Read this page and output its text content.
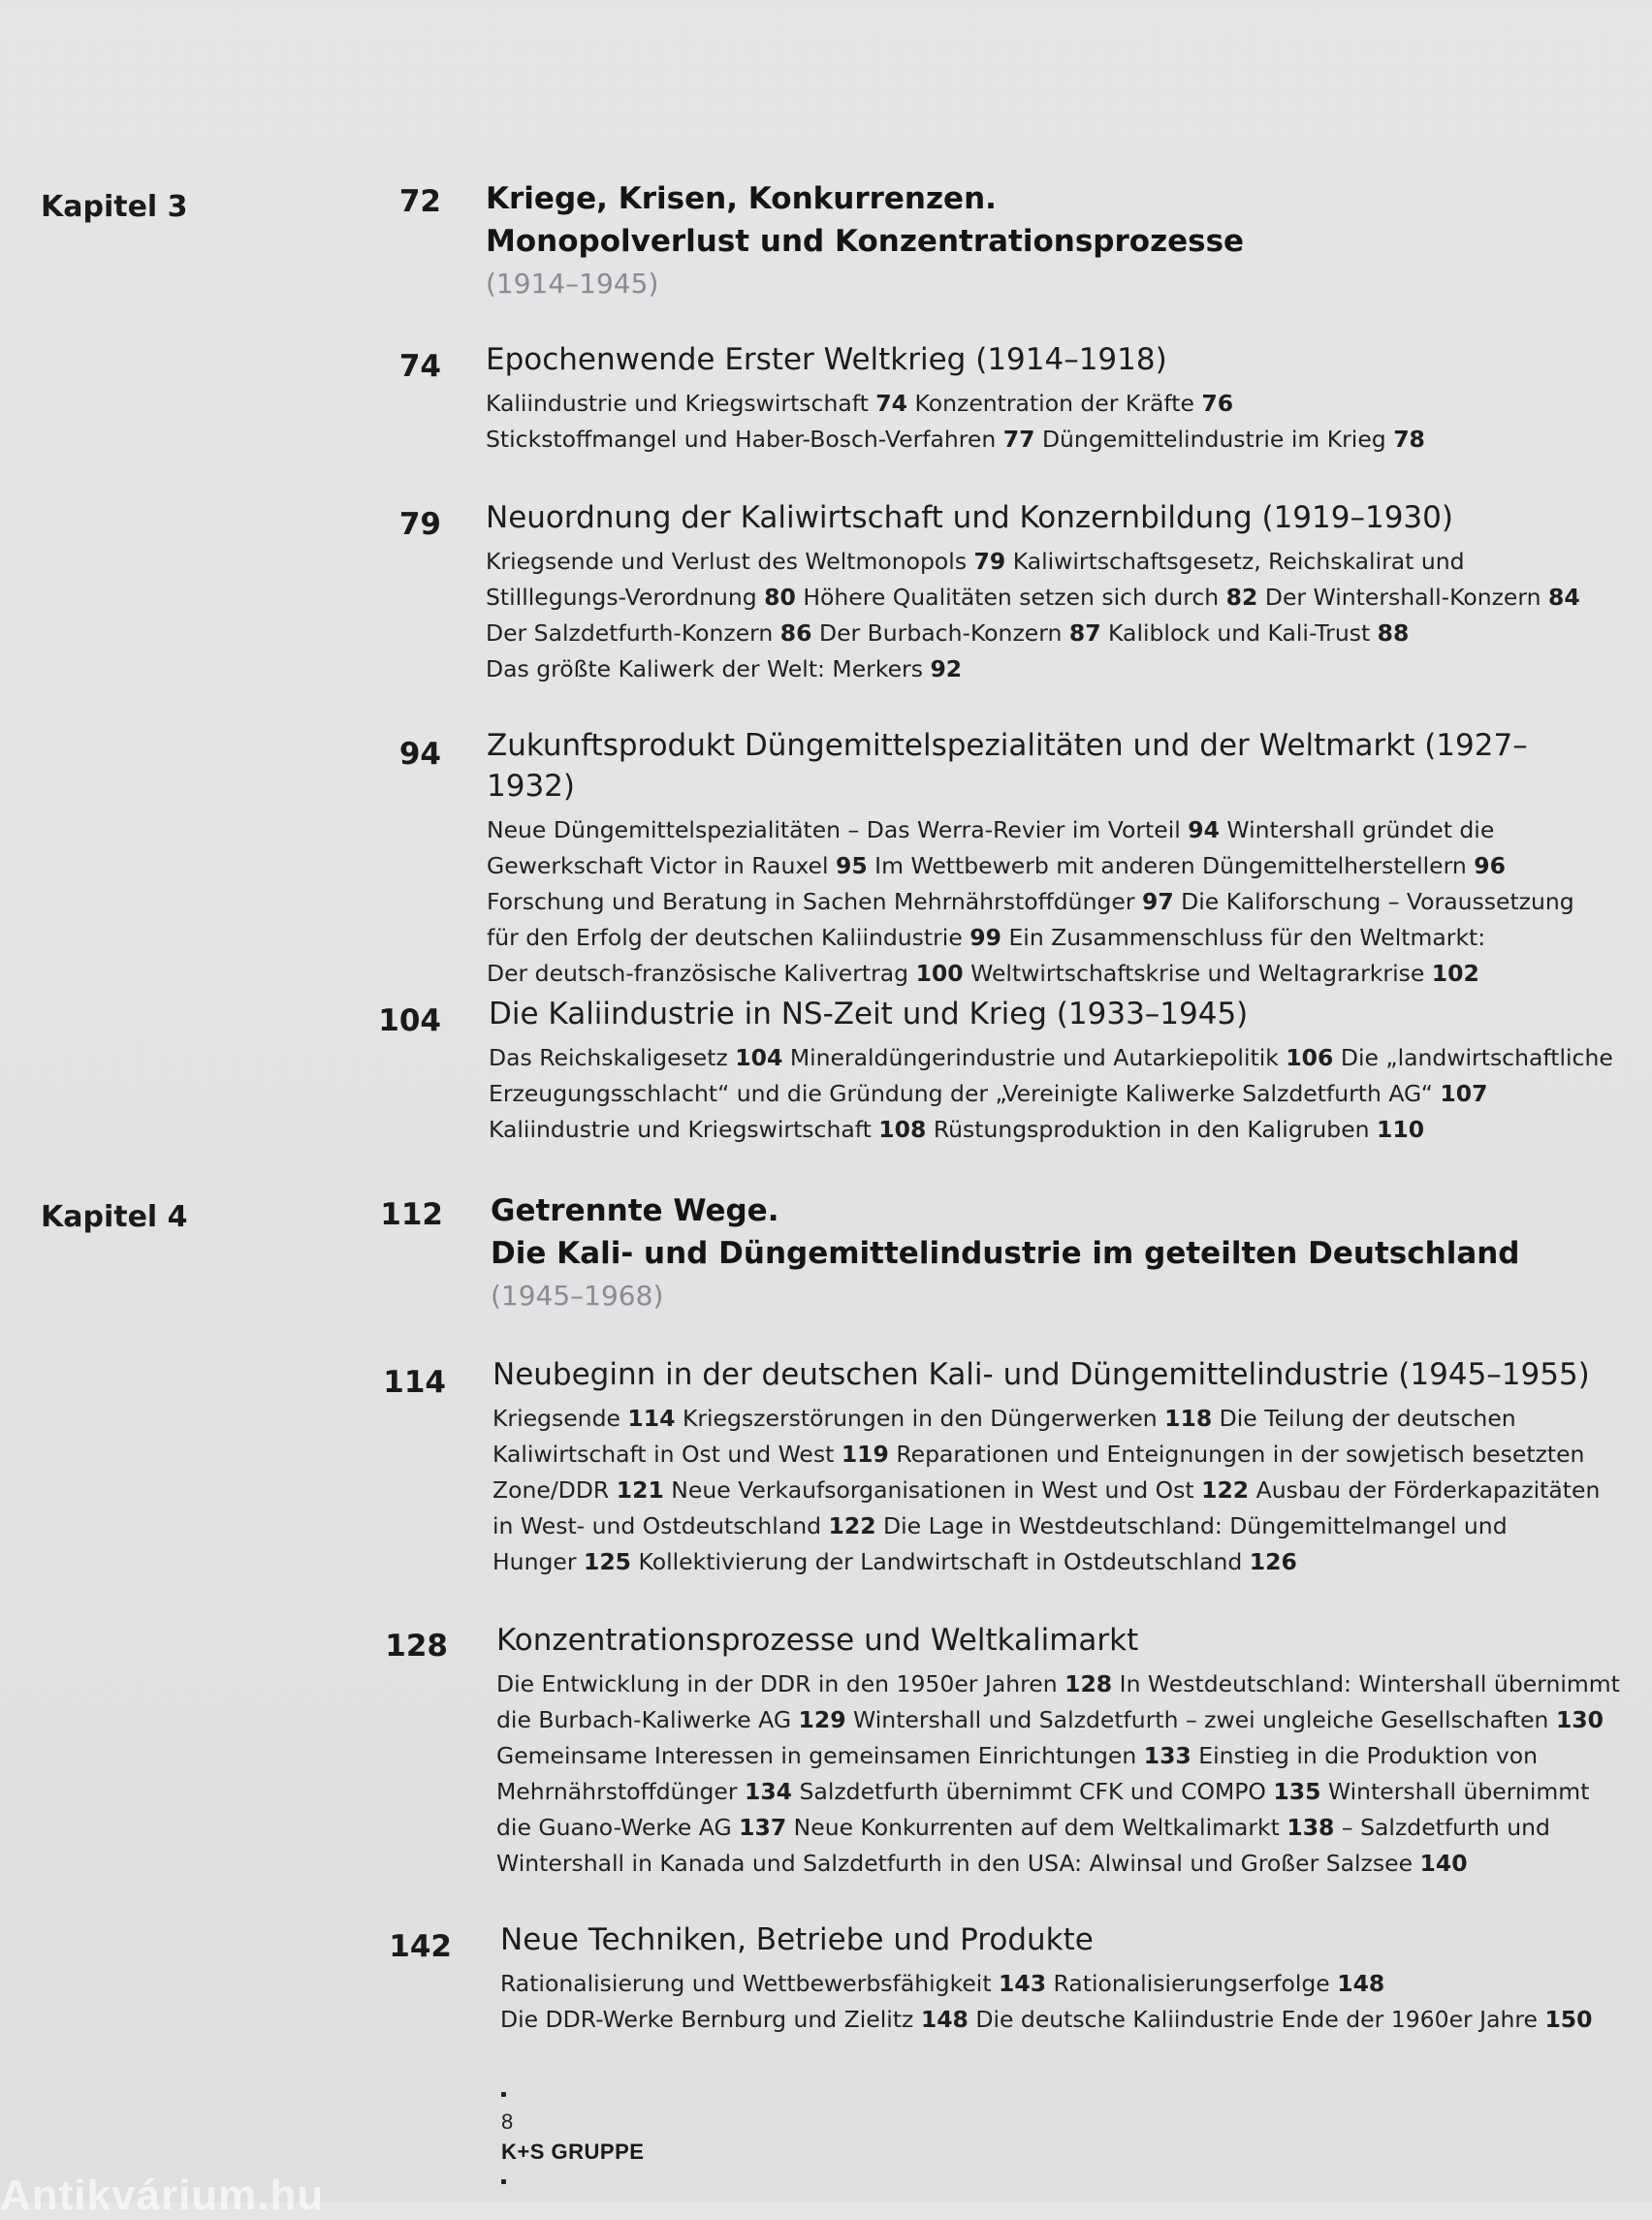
Kapitel 3
Kapitel 4
72 Kriege, Krisen, Konkurrenzen.
Monopolverlust und Konzentrationsprozesse
(1914–1945)
74 Epochenwende Erster Weltkrieg (1914–1918)
Kaliindustrie und Kriegswirtschaft 74 Konzentration der Kräfte 76
Stickstoffmangel und Haber-Bosch-Verfahren 77 Düngemittelindustrie im Krieg 78
79 Neuordnung der Kaliwirtschaft und Konzernbildung (1919–1930)
Kriegsende und Verlust des Weltmonopols 79 Kaliwirtschaftsgesetz, Reichskalirat und
Stilllegungs-Verordnung 80 Höhere Qualitäten setzen sich durch 82 Der Wintershall-Konzern 84
Der Salzdetfurth-Konzern 86 Der Burbach-Konzern 87 Kaliblock und Kali-Trust 88
Das größte Kaliwerk der Welt: Merkers 92
94 Zukunftsprodukt Düngemittelspezialitäten und der Weltmarkt (1927–1932)
Neue Düngemittelspezialitäten – Das Werra-Revier im Vorteil 94 Wintershall gründet die
Gewerkschaft Victor in Rauxel 95 Im Wettbewerb mit anderen Düngemittelherstellern 96
Forschung und Beratung in Sachen Mehrnährstoffdünger 97 Die Kaliforschung – Voraussetzung
für den Erfolg der deutschen Kaliindustrie 99 Ein Zusammenschluss für den Weltmarkt:
Der deutsch-französische Kalivertrag 100 Weltwirtschaftskrise und Weltagrarkrise 102
104 Die Kaliindustrie in NS-Zeit und Krieg (1933–1945)
Das Reichskaligesetz 104 Mineraldüngerindustrie und Autarkiepolitik 106 Die „landwirtschaftliche
Erzeugungsschlacht“ und die Gründung der „Vereinigte Kaliwerke Salzdetfurth AG“ 107
Kaliindustrie und Kriegswirtschaft 108 Rüstungsproduktion in den Kaligruben 110
112 Getrennte Wege.
Die Kali- und Düngemittelindustrie im geteilten Deutschland
(1945–1968)
114 Neubeginn in der deutschen Kali- und Düngemittelindustrie (1945–1955)
Kriegsende 114 Kriegszerstörungen in den Düngerwerken 118 Die Teilung der deutschen
Kaliwirtschaft in Ost und West 119 Reparationen und Enteignungen in der sowjetisch besetzten
Zone/DDR 121 Neue Verkaufsorganisationen in West und Ost 122 Ausbau der Förderkapazitäten
in West- und Ostdeutschland 122 Die Lage in Westdeutschland: Düngemittelmangel und
Hunger 125 Kollektivierung der Landwirtschaft in Ostdeutschland 126
128 Konzentrationsprozesse und Weltkalimarkt
Die Entwicklung in der DDR in den 1950er Jahren 128 In Westdeutschland: Wintershall übernimmt
die Burbach-Kaliwerke AG 129 Wintershall und Salzdetfurth – zwei ungleiche Gesellschaften 130
Gemeinsame Interessen in gemeinsamen Einrichtungen 133 Einstieg in die Produktion von
Mehrnährstoffdünger 134 Salzdetfurth übernimmt CFK und COMPO 135 Wintershall übernimmt
die Guano-Werke AG 137 Neue Konkurrenten auf dem Weltkalimarkt 138 – Salzdetfurth und
Wintershall in Kanada und Salzdetfurth in den USA: Alwinsal und Großer Salzsee 140
142 Neue Techniken, Betriebe und Produkte
Rationalisierung und Wettbewerbsfähigkeit 143 Rationalisierungserfolge 148
Die DDR-Werke Bernburg und Zielitz 148 Die deutsche Kaliindustrie Ende der 1960er Jahre 150
8
K+S GRUPPE
Antikvárium.hu
